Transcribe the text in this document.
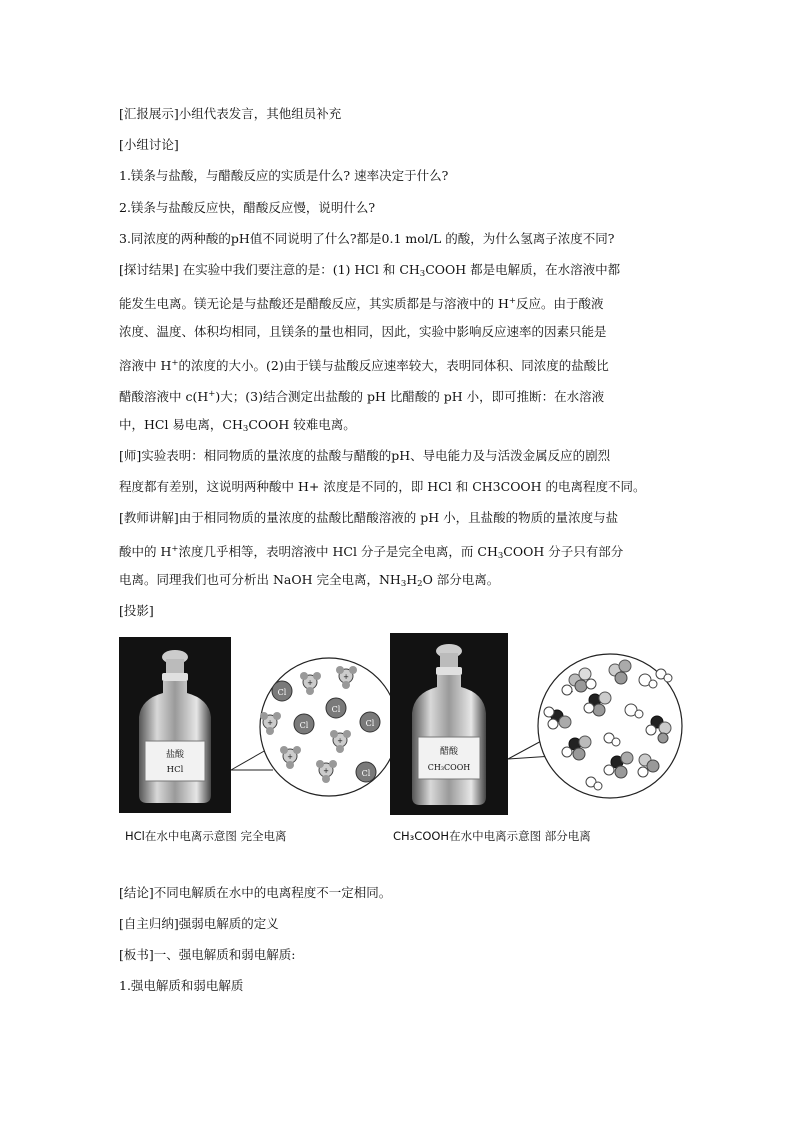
[汇报展示]小组代表发言，其他组员补充
[小组讨论]
1.镁条与盐酸，与醋酸反应的实质是什么? 速率决定于什么?
2.镁条与盐酸反应快，醋酸反应慢，说明什么?
3.同浓度的两种酸的pH值不同说明了什么?都是0.1 mol/L 的酸，为什么氢离子浓度不同?
[探讨结果] 在实验中我们要注意的是：(1) HCl 和 $CH_3COOH$ 都是电解质，在水溶液中都
能发生电离。镁无论是与盐酸还是醋酸反应，其实质都是与溶液中的 H+反应。由于酸液
浓度、温度、体积均相同，且镁条的量也相同，因此，实验中影响反应速率的因素只能是
溶液中 H+的浓度的大小。(2)由于镁与盐酸反应速率较大，表明同体积、同浓度的盐酸比
醋酸溶液中 c(H+)大；(3)结合测定出盐酸的 pH 比醋酸的 pH 小，即可推断：在水溶液
中，HCl 易电离，$CH_3COOH$ 较难电离。
[师]实验表明：相同物质的量浓度的盐酸与醋酸的pH、导电能力及与活泼金属反应的剧烈
程度都有差别，这说明两种酸中 H+ 浓度是不同的，即 HCl 和 CH3COOH 的电离程度不同。
[教师讲解]由于相同物质的量浓度的盐酸比醋酸溶液的 pH 小，且盐酸的物质的量浓度与盐
酸中的 H+浓度几乎相等，表明溶液中 HCl 分子是完全电离，而 $CH_3COOH$ 分子只有部分
电离。同理我们也可分析出 NaOH 完全电离，$NH_3H_2O$ 部分电离。
[投影]
盐酸
HCl
Cl
Cl
Cl
Cl
Cl
+
+
+
+
+
+
醋酸
CH₃COOH
-
HCl在水中电离示意图 完全电离	CH₃COOH在水中电离示意图 部分电离
[结论]不同电解质在水中的电离程度不一定相同。
[自主归纳]强弱电解质的定义
[板书]一、强电解质和弱电解质:
1.强电解质和弱电解质
